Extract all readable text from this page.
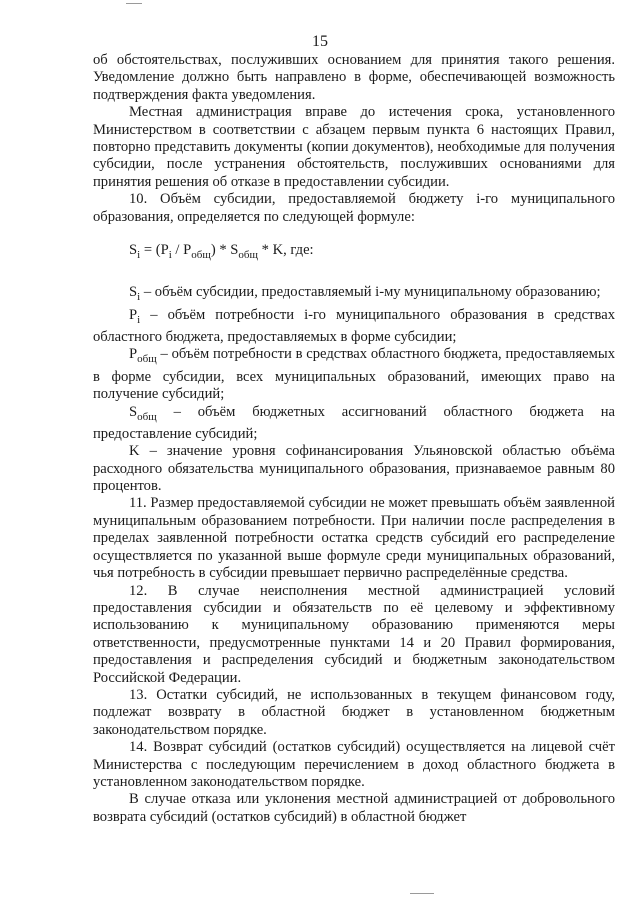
15

об обстоятельствах, послуживших основанием для принятия такого решения. Уведомление должно быть направлено в форме, обеспечивающей возможность подтверждения факта уведомления.

Местная администрация вправе до истечения срока, установленного Министерством в соответствии с абзацем первым пункта 6 настоящих Правил, повторно представить документы (копии документов), необходимые для получения субсидии, после устранения обстоятельств, послуживших основаниями для принятия решения об отказе в предоставлении субсидии.

10. Объём субсидии, предоставляемой бюджету i-го муниципального образования, определяется по следующей формуле:

$S_i = (P_i / P_{общ}) * S_{общ} * K$, где:

$S_i$ – объём субсидии, предоставляемый i-му муниципальному образованию;

$P_i$ – объём потребности i-го муниципального образования в средствах областного бюджета, предоставляемых в форме субсидии;

$P_{общ}$ – объём потребности в средствах областного бюджета, предоставляемых в форме субсидии, всех муниципальных образований, имеющих право на получение субсидий;

$S_{общ}$ – объём бюджетных ассигнований областного бюджета на предоставление субсидий;

K – значение уровня софинансирования Ульяновской областью объёма расходного обязательства муниципального образования, признаваемое равным 80 процентов.

11. Размер предоставляемой субсидии не может превышать объём заявленной муниципальным образованием потребности. При наличии после распределения в пределах заявленной потребности остатка средств субсидий его распределение осуществляется по указанной выше формуле среди муниципальных образований, чья потребность в субсидии превышает первично распределённые средства.

12. В случае неисполнения местной администрацией условий предоставления субсидии и обязательств по её целевому и эффективному использованию к муниципальному образованию применяются меры ответственности, предусмотренные пунктами 14 и 20 Правил формирования, предоставления и распределения субсидий и бюджетным законодательством Российской Федерации.

13. Остатки субсидий, не использованных в текущем финансовом году, подлежат возврату в областной бюджет в установленном бюджетным законодательством порядке.

14. Возврат субсидий (остатков субсидий) осуществляется на лицевой счёт Министерства с последующим перечислением в доход областного бюджета в установленном законодательством порядке.

В случае отказа или уклонения местной администрацией от добровольного возврата субсидий (остатков субсидий) в областной бюджет
